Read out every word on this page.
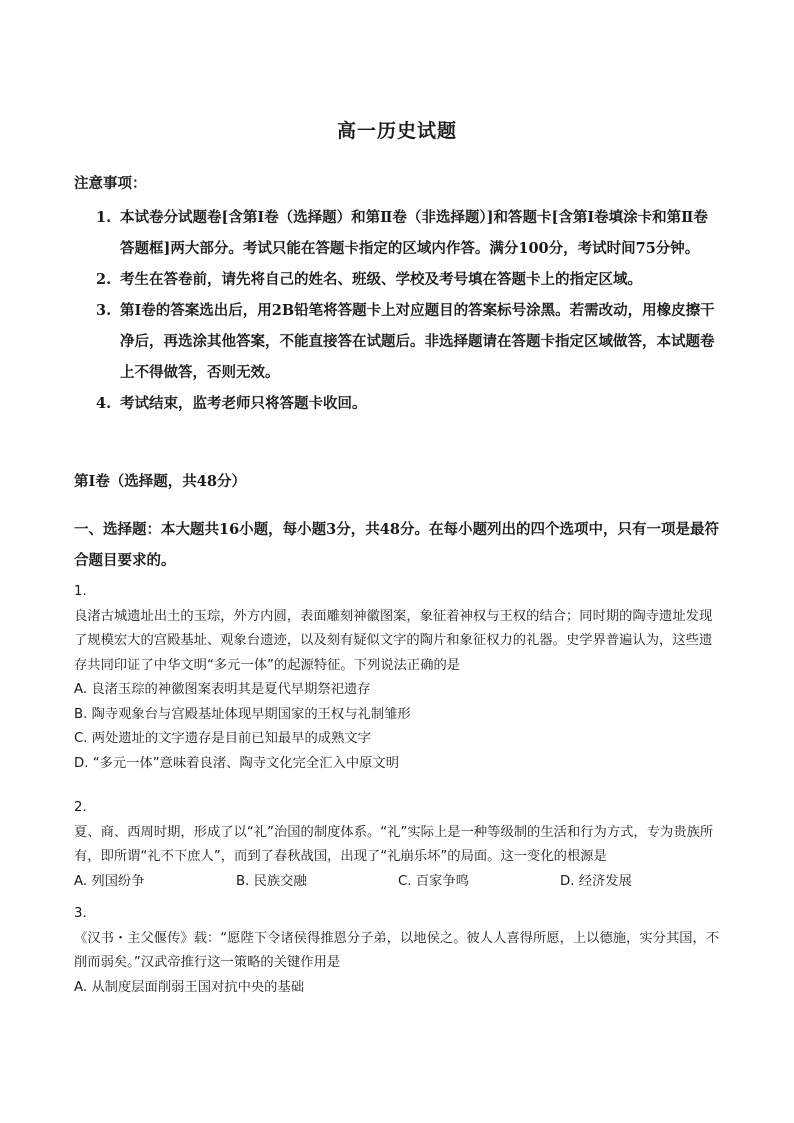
高一历史试题
注意事项：
1. 本试卷分试题卷[含第Ⅰ卷（选择题）和第Ⅱ卷（非选择题）]和答题卡[含第Ⅰ卷填涂卡和第Ⅱ卷答题框]两大部分。考试只能在答题卡指定的区域内作答。满分100分，考试时间75分钟。
2. 考生在答卷前，请先将自己的姓名、班级、学校及考号填在答题卡上的指定区域。
3. 第Ⅰ卷的答案选出后，用2B铅笔将答题卡上对应题目的答案标号涂黑。若需改动，用橡皮擦干净后，再选涂其他答案，不能直接答在试题后。非选择题请在答题卡指定区域做答，本试题卷上不得做答，否则无效。
4. 考试结束，监考老师只将答题卡收回。
第Ⅰ卷（选择题，共48分）
一、选择题：本大题共16小题，每小题3分，共48分。在每小题列出的四个选项中，只有一项是最符合题目要求的。
1.
良渚古城遗址出土的玉琮，外方内圆，表面雕刻神徽图案，象征着神权与王权的结合；同时期的陶寺遗址发现了规模宏大的宫殿基址、观象台遗迹，以及刻有疑似文字的陶片和象征权力的礼器。史学界普遍认为，这些遗存共同印证了中华文明“多元一体”的起源特征。下列说法正确的是
A. 良渚玉琮的神徽图案表明其是夏代早期祭祀遗存
B. 陶寺观象台与宫殿基址体现早期国家的王权与礼制雏形
C. 两处遗址的文字遗存是目前已知最早的成熟文字
D. “多元一体”意味着良渚、陶寺文化完全汇入中原文明
2.
夏、商、西周时期，形成了以“礼”治国的制度体系。“礼”实际上是一种等级制的生活和行为方式，专为贵族所有，即所谓“礼不下庶人”，而到了春秋战国，出现了“礼崩乐坏”的局面。这一变化的根源是
A. 列国纷争	B. 民族交融	C. 百家争鸣	D. 经济发展
3.
《汉书・主父偃传》载：“愿陛下令诸侯得推恩分子弟，以地侯之。彼人人喜得所愿，上以德施，实分其国，不削而弱矣。”汉武帝推行这一策略的关键作用是
A. 从制度层面削弱王国对抗中央的基础
